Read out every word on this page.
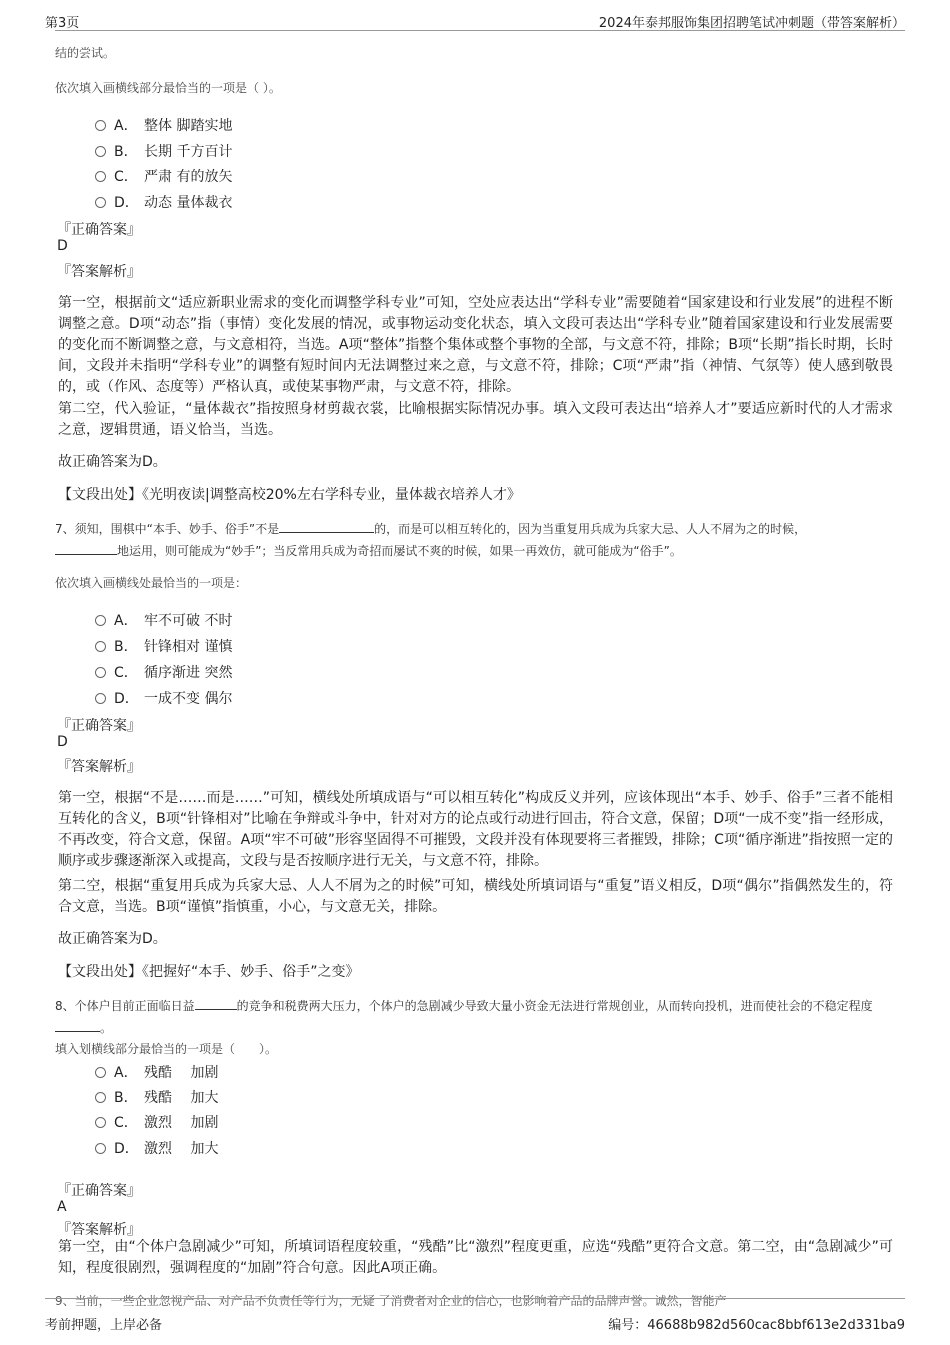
第3页	2024年泰邦服饰集团招聘笔试冲刺题（带答案解析）
结的尝试。
依次填入画横线部分最恰当的一项是（ ）。
A． 整体 脚踏实地
B． 长期 千方百计
C． 严肃 有的放矢
D． 动态 量体裁衣
『正确答案』
D
『答案解析』
第一空，根据前文“适应新职业需求的变化而调整学科专业”可知，空处应表达出“学科专业”需要随着“国家建设和行业发展”的进程不断调整之意。D项“动态”指（事情）变化发展的情况，或事物运动变化状态，填入文段可表达出“学科专业”随着国家建设和行业发展需要的变化而不断调整之意，与文意相符，当选。A项“整体”指整个集体或整个事物的全部，与文意不符，排除；B项“长期”指长时期，长时间，文段并未指明“学科专业”的调整有短时间内无法调整过来之意，与文意不符，排除；C项“严肃”指（神情、气氛等）使人感到敬畏的，或（作风、态度等）严格认真，或使某事物严肃，与文意不符，排除。
第二空，代入验证，“量体裁衣”指按照身材剪裁衣裳，比喻根据实际情况办事。填入文段可表达出“培养人才”要适应新时代的人才需求之意，逻辑贯通，语义恰当，当选。
故正确答案为D。
【文段出处】《光明夜读|调整高校20%左右学科专业，量体裁衣培养人才》
7、须知，围棋中“本手、妙手、俗手”不是	的，而是可以相互转化的，因为当重复用兵成为兵家大忌、人人不屑为之的时候，
地运用，则可能成为“妙手”；当反常用兵成为奇招而屡试不爽的时候，如果一再效仿，就可能成为“俗手”。
依次填入画横线处最恰当的一项是：
A． 牢不可破 不时
B． 针锋相对 谨慎
C． 循序渐进 突然
D． 一成不变 偶尔
『正确答案』
D
『答案解析』
第一空，根据“不是……而是……”可知，横线处所填成语与“可以相互转化”构成反义并列，应该体现出“本手、妙手、俗手”三者不能相互转化的含义，B项“针锋相对”比喻在争辩或斗争中，针对对方的论点或行动进行回击，符合文意，保留；D项“一成不变”指一经形成，不再改变，符合文意，保留。A项“牢不可破”形容坚固得不可摧毁，文段并没有体现要将三者摧毁，排除；C项“循序渐进”指按照一定的顺序或步骤逐渐深入或提高，文段与是否按顺序进行无关，与文意不符，排除。
第二空，根据“重复用兵成为兵家大忌、人人不屑为之的时候”可知，横线处所填词语与“重复”语义相反，D项“偶尔”指偶然发生的，符合文意，当选。B项“谨慎”指慎重，小心，与文意无关，排除。
故正确答案为D。
【文段出处】《把握好“本手、妙手、俗手”之变》
8、个体户目前正面临日益	的竞争和税费两大压力，个体户的急剧减少导致大量小资金无法进行常规创业，从而转向投机，进而使社会的不稳定程度。
填入划横线部分最恰当的一项是（　　）。
A． 残酷　 加剧
B． 残酷　 加大
C． 激烈　 加剧
D． 激烈　 加大
『正确答案』
A
『答案解析』
第一空，由“个体户急剧减少”可知，所填词语程度较重，“残酷”比“激烈”程度更重，应选“残酷”更符合文意。第二空，由“急剧减少”可知，程度很剧烈，强调程度的“加剧”符合句意。因此A项正确。
9、当前，一些企业忽视产品、对产品不负责任等行为，无疑 了消费者对企业的信心，也影响着产品的品牌声誉。诚然，智能产
考前押题，上岸必备	编号：46688b982d560cac8bbf613e2d331ba9
